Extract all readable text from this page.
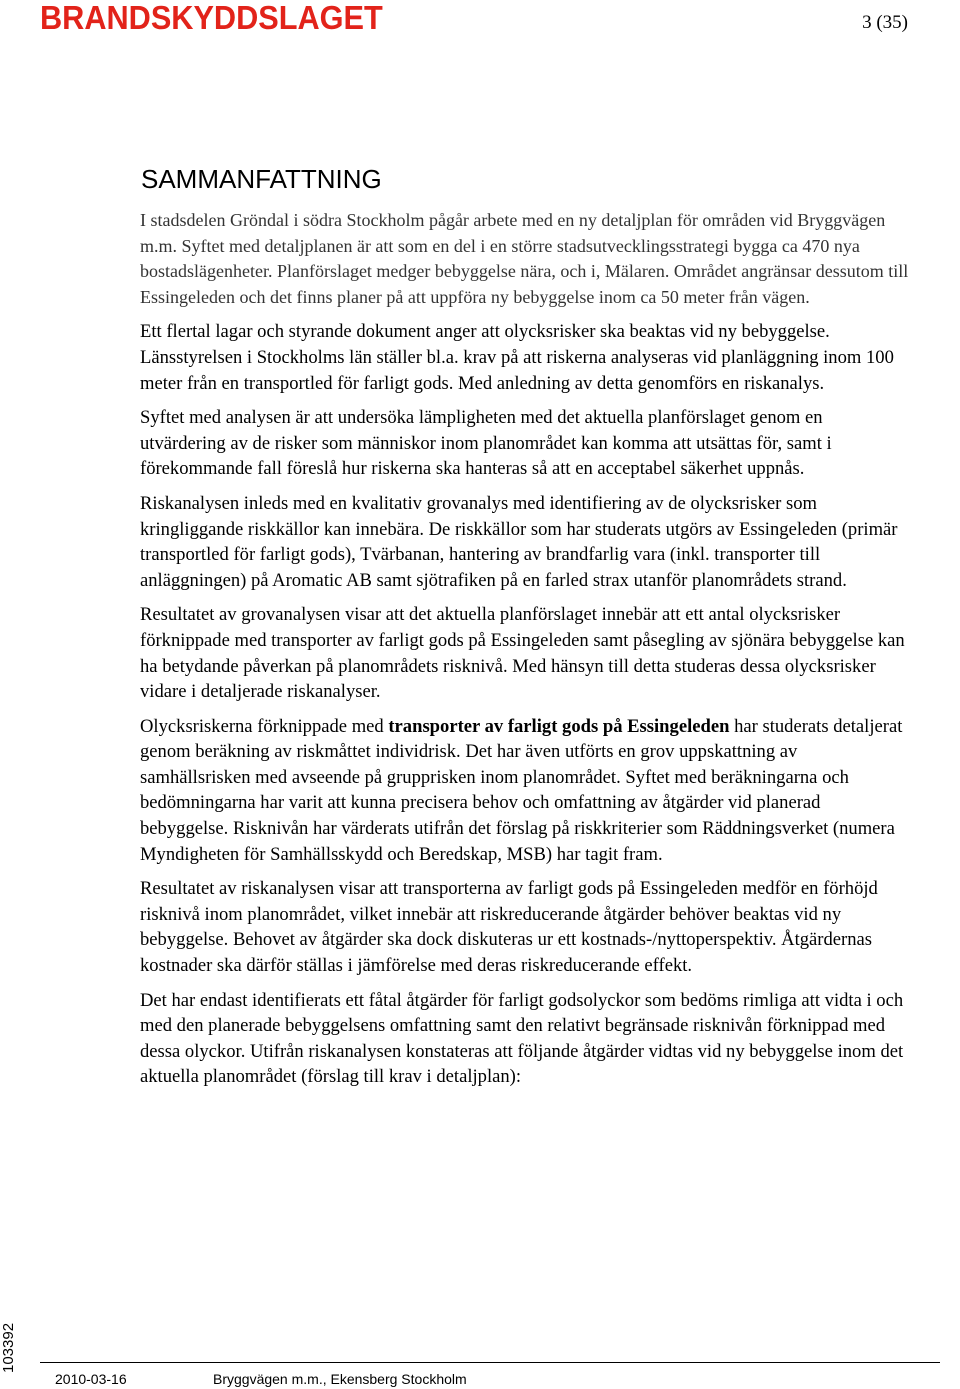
BRANDSKYDDSLAGET	3 (35)
SAMMANFATTNING

I stadsdelen Gröndal i södra Stockholm pågår arbete med en ny detaljplan för områden vid Bryggvägen m.m. Syftet med detaljplanen är att som en del i en större stadsutvecklingsstrategi bygga ca 470 nya bostadslägenheter. Planförslaget medger bebyggelse nära, och i, Mälaren. Området angränsar dessutom till Essingeleden och det finns planer på att uppföra ny bebyggelse inom ca 50 meter från vägen.

Ett flertal lagar och styrande dokument anger att olycksrisker ska beaktas vid ny bebyggelse. Länsstyrelsen i Stockholms län ställer bl.a. krav på att riskerna analyseras vid planläggning inom 100 meter från en transportled för farligt gods. Med anledning av detta genomförs en riskanalys.

Syftet med analysen är att undersöka lämpligheten med det aktuella planförslaget genom en utvärdering av de risker som människor inom planområdet kan komma att utsättas för, samt i förekommande fall föreslå hur riskerna ska hanteras så att en acceptabel säkerhet uppnås.

Riskanalysen inleds med en kvalitativ grovanalys med identifiering av de olycksrisker som kringliggande riskkällor kan innebära. De riskkällor som har studerats utgörs av Essingeleden (primär transportled för farligt gods), Tvärbanan, hantering av brandfarlig vara (inkl. transporter till anläggningen) på Aromatic AB samt sjötrafiken på en farled strax utanför planområdets strand.

Resultatet av grovanalysen visar att det aktuella planförslaget innebär att ett antal olycksrisker förknippade med transporter av farligt gods på Essingeleden samt påsegling av sjönära bebyggelse kan ha betydande påverkan på planområdets risknivå. Med hänsyn till detta studeras dessa olycksrisker vidare i detaljerade riskanalyser.

Olycksriskerna förknippade med transporter av farligt gods på Essingeleden har studerats detaljerat genom beräkning av riskmåttet individrisk. Det har även utförts en grov uppskattning av samhällsrisken med avseende på grupprisken inom planområdet. Syftet med beräkningarna och bedömningarna har varit att kunna precisera behov och omfattning av åtgärder vid planerad bebyggelse. Risknivån har värderats utifrån det förslag på riskkriterier som Räddningsverket (numera Myndigheten för Samhällsskydd och Beredskap, MSB) har tagit fram.

Resultatet av riskanalysen visar att transporterna av farligt gods på Essingeleden medför en förhöjd risknivå inom planområdet, vilket innebär att riskreducerande åtgärder behöver beaktas vid ny bebyggelse. Behovet av åtgärder ska dock diskuteras ur ett kostnads-/nyttoperspektiv. Åtgärdernas kostnader ska därför ställas i jämförelse med deras riskreducerande effekt.

Det har endast identifierats ett fåtal åtgärder för farligt godsolyckor som bedöms rimliga att vidta i och med den planerade bebyggelsens omfattning samt den relativt begränsade risknivån förknippad med dessa olyckor. Utifrån riskanalysen konstateras att följande åtgärder vidtas vid ny bebyggelse inom det aktuella planområdet (förslag till krav i detaljplan):

103392
2010-03-16	Bryggvägen m.m., Ekensberg Stockholm
